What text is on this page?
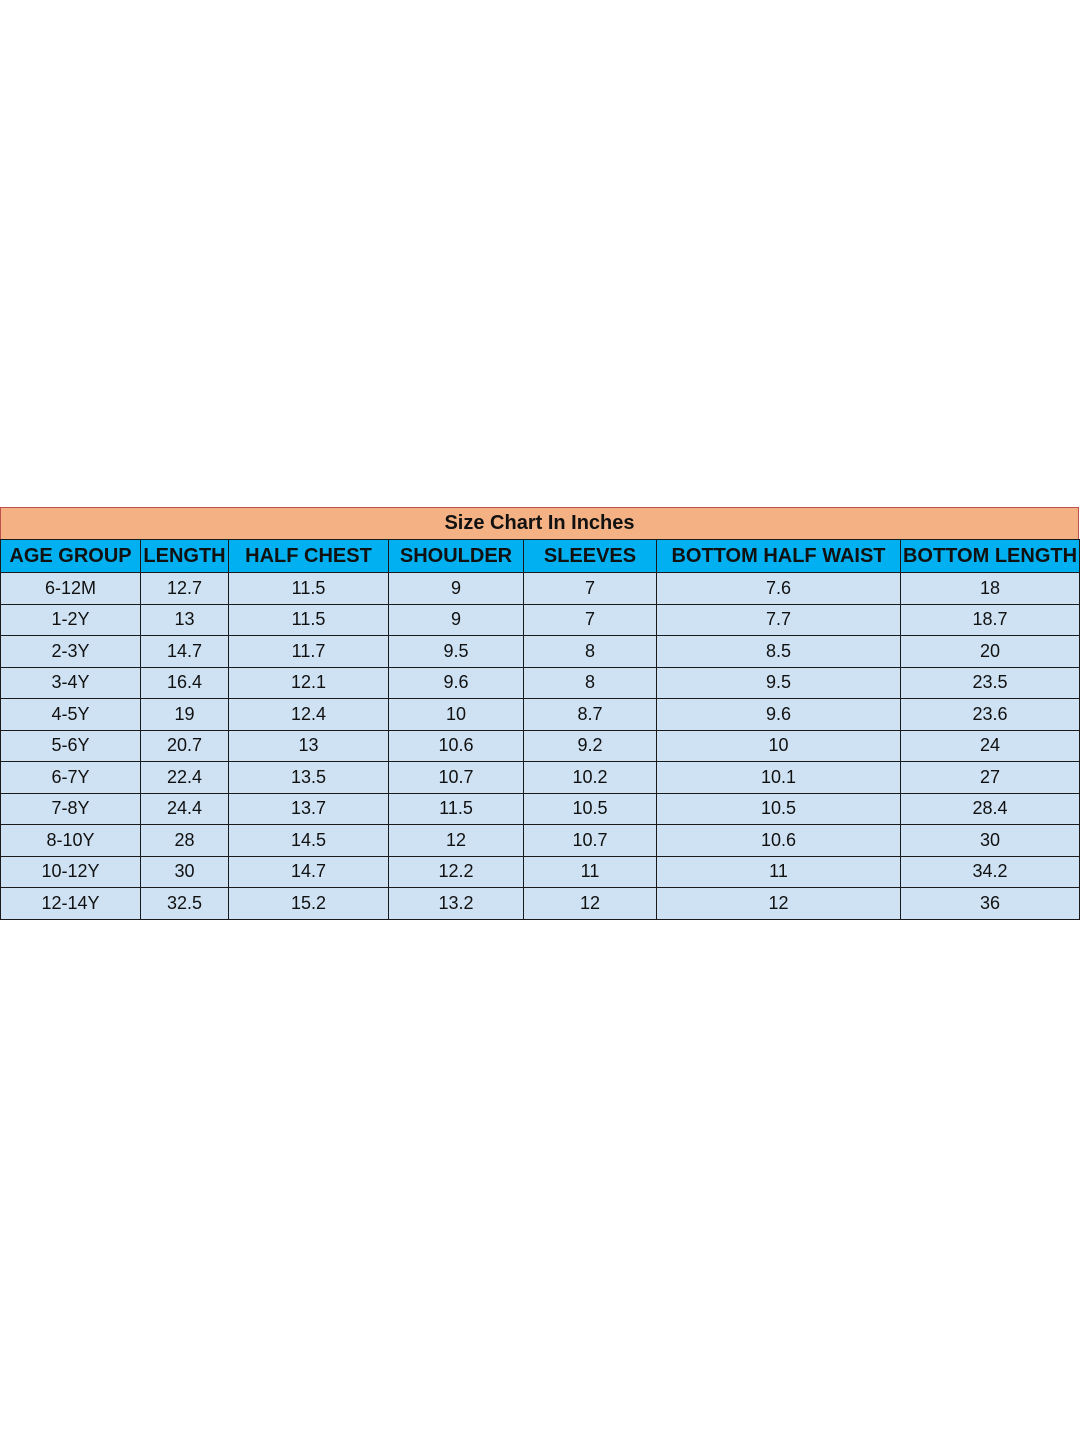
Size Chart In Inches
AGE GROUP	LENGTH	HALF CHEST	SHOULDER	SLEEVES	BOTTOM HALF WAIST	BOTTOM LENGTH
6-12M	12.7	11.5	9	7	7.6	18
1-2Y	13	11.5	9	7	7.7	18.7
2-3Y	14.7	11.7	9.5	8	8.5	20
3-4Y	16.4	12.1	9.6	8	9.5	23.5
4-5Y	19	12.4	10	8.7	9.6	23.6
5-6Y	20.7	13	10.6	9.2	10	24
6-7Y	22.4	13.5	10.7	10.2	10.1	27
7-8Y	24.4	13.7	11.5	10.5	10.5	28.4
8-10Y	28	14.5	12	10.7	10.6	30
10-12Y	30	14.7	12.2	11	11	34.2
12-14Y	32.5	15.2	13.2	12	12	36
